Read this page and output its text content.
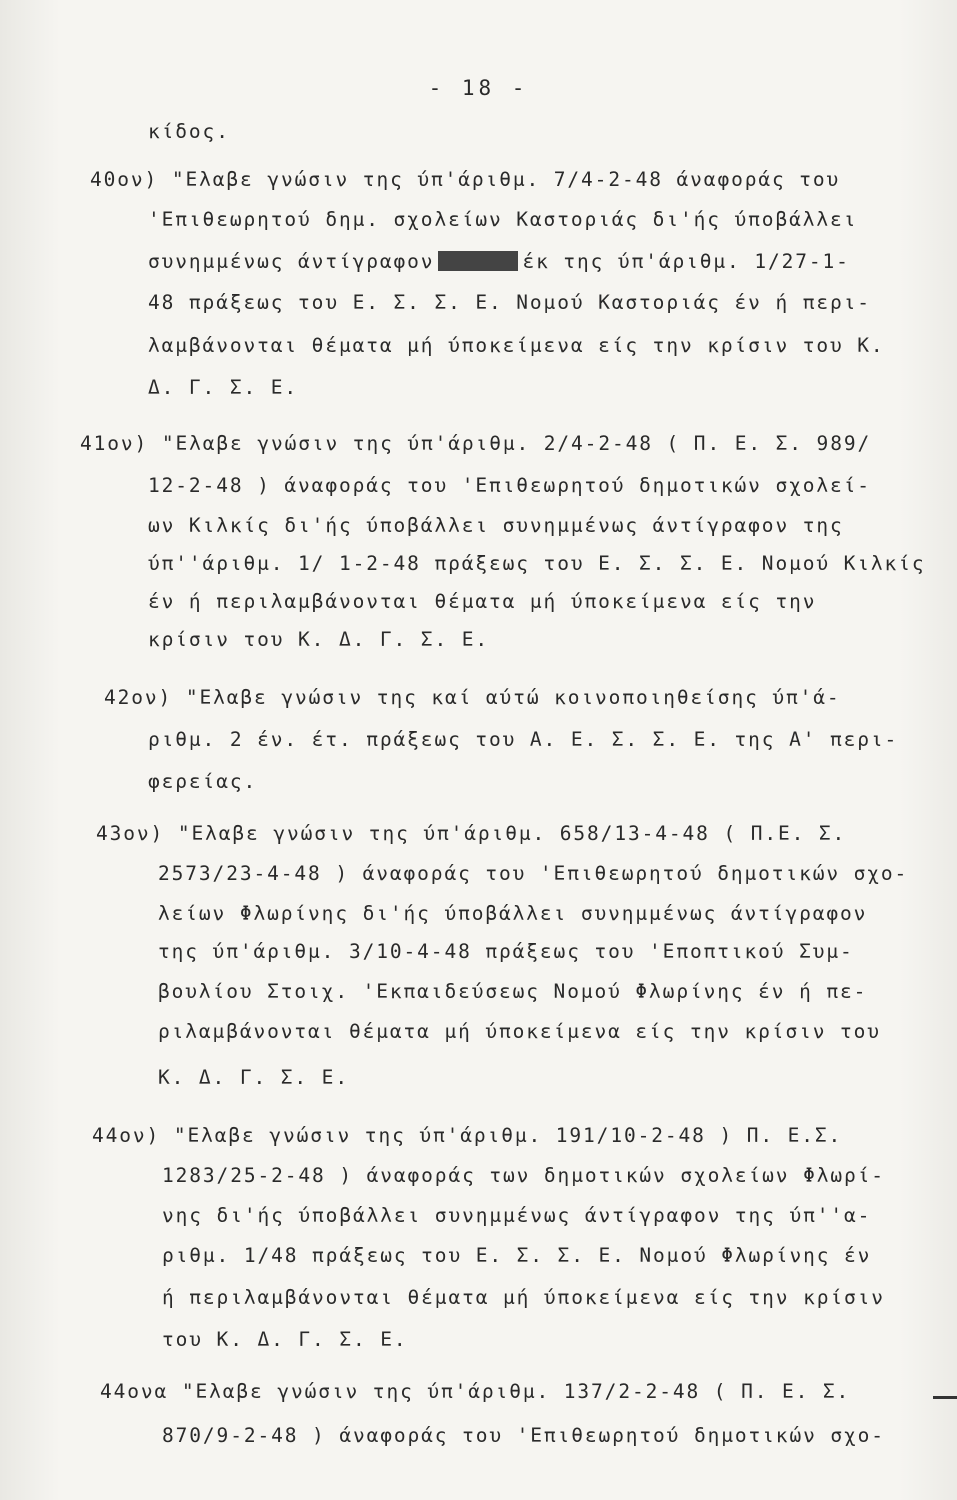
- 18 -
κίδος.
40ον) "Ελαβε γνώσιν της ύπ'άριθμ. 7/4-2-48 άναφοράς του
'Επιθεωρητού δημ. σχολείων Καστοριάς δι'ής ύποβάλλει
συνημμένως άντίγραφον	έκ της ύπ'άριθμ. 1/27-1-
48 πράξεως του Ε. Σ. Σ. Ε. Νομού Καστοριάς έν ή περι-
λαμβάνονται θέματα μή ύποκείμενα είς την κρίσιν του Κ.
Δ. Γ. Σ. Ε.
41ον) "Ελαβε γνώσιν της ύπ'άριθμ. 2/4-2-48 ( Π. Ε. Σ. 989/
12-2-48 ) άναφοράς του 'Επιθεωρητού δημοτικών σχολεί-
ων Κιλκίς δι'ής ύποβάλλει συνημμένως άντίγραφον της
ύπ''άριθμ. 1/ 1-2-48 πράξεως του Ε. Σ. Σ. Ε. Νομού Κιλκίς
έν ή περιλαμβάνονται θέματα μή ύποκείμενα είς την
κρίσιν του Κ. Δ. Γ. Σ. Ε.
42ον) "Ελαβε γνώσιν της καί αύτώ κοινοποιηθείσης ύπ'ά-
ριθμ. 2 έν. έτ. πράξεως του Α. Ε. Σ. Σ. Ε. της Α' περι-
φερείας.
43ον) "Ελαβε γνώσιν της ύπ'άριθμ. 658/13-4-48 ( Π.Ε. Σ.
2573/23-4-48 ) άναφοράς του 'Επιθεωρητού δημοτικών σχο-
λείων Φλωρίνης δι'ής ύποβάλλει συνημμένως άντίγραφον
της ύπ'άριθμ. 3/10-4-48 πράξεως του 'Εποπτικού Συμ-
βουλίου Στοιχ. 'Εκπαιδεύσεως Νομού Φλωρίνης έν ή πε-
ριλαμβάνονται θέματα μή ύποκείμενα είς την κρίσιν του
Κ. Δ. Γ. Σ. Ε.
44ον) "Ελαβε γνώσιν της ύπ'άριθμ. 191/10-2-48 ) Π. Ε.Σ.
1283/25-2-48 ) άναφοράς των δημοτικών σχολείων Φλωρί-
νης δι'ής ύποβάλλει συνημμένως άντίγραφον της ύπ''α-
ριθμ. 1/48 πράξεως του Ε. Σ. Σ. Ε. Νομού Φλωρίνης έν
ή περιλαμβάνονται θέματα μή ύποκείμενα είς την κρίσιν
του Κ. Δ. Γ. Σ. Ε.
44ονα "Ελαβε γνώσιν της ύπ'άριθμ. 137/2-2-48 ( Π. Ε. Σ.
870/9-2-48 ) άναφοράς του 'Επιθεωρητού δημοτικών σχο-
